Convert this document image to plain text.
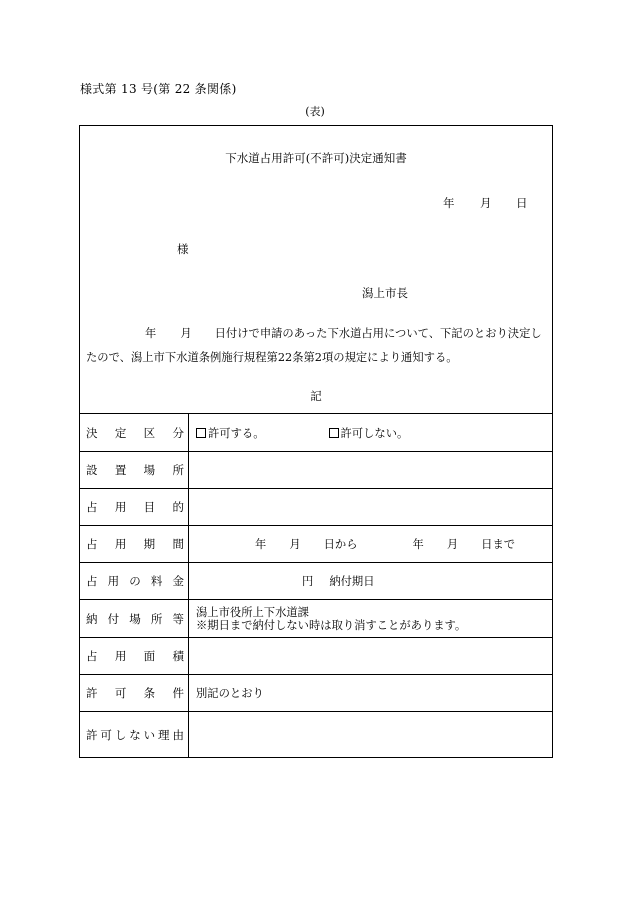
様式第 13 号(第 22 条関係)
(表)
下水道占用許可(不許可)決定通知書
年 月 日
様
潟上市長
年 月 日付けで申請のあった下水道占用について、下記のとおり決定し
たので、潟上市下水道条例施行規程第22条第2項の規定により通知する。
記
決 定 区 分 許可する。	許可しない。
設 置 場 所
占 用 目 的
占 用 期 間	年 月 日から	年 月 日まで
占 用 の 料 金	円 納付期日
納 付 場 所 等 潟上市役所上下水道課
※期日まで納付しない時は取り消すことがあります。
占 用 面 積
許 可 条 件	別記のとおり
許 可 し な い 理 由
